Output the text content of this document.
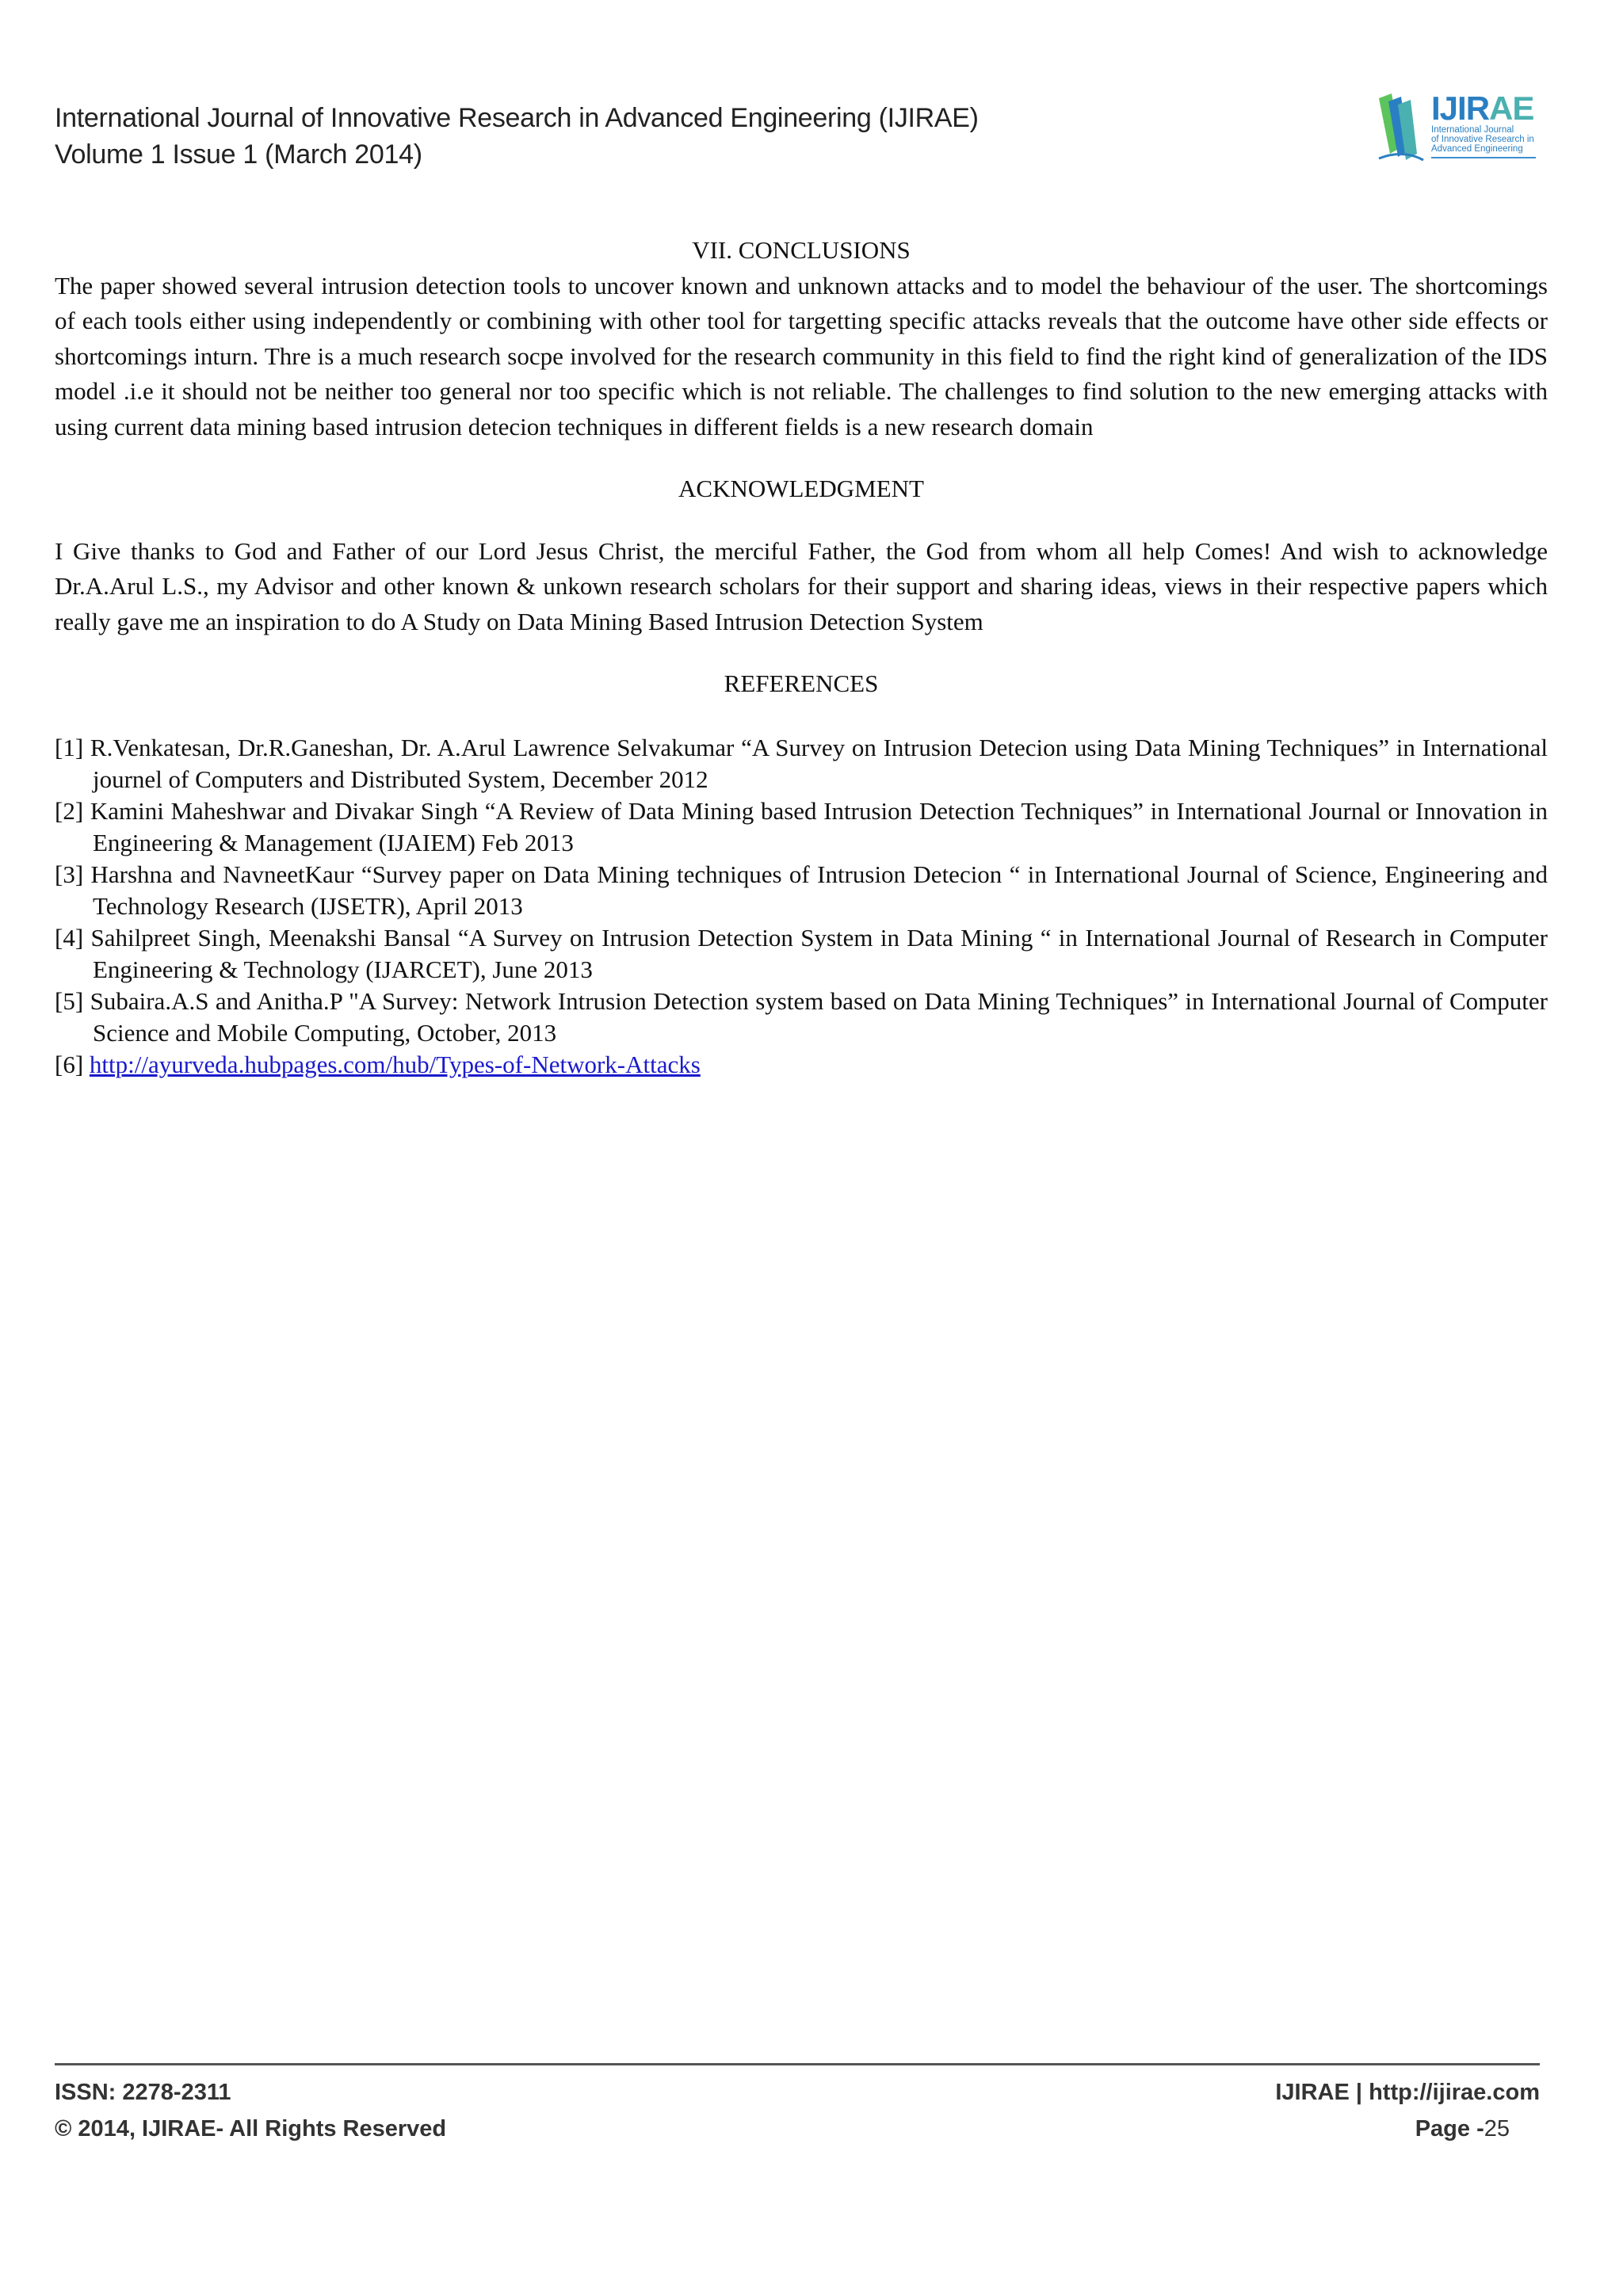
International Journal of Innovative Research in Advanced Engineering (IJIRAE)
Volume 1 Issue 1 (March 2014)
IJIRAE
International Journal
of Innovative Research in
Advanced Engineering
VII. CONCLUSIONS

The paper showed several intrusion detection tools to uncover known and unknown attacks and to model the behaviour of the user. The shortcomings of each tools either using independently or combining with other tool for targetting specific attacks reveals that the outcome have other side effects or shortcomings inturn. Thre is a much research socpe involved for the research community in this field to find the right kind of generalization of the IDS model .i.e it should not be neither too general nor too specific which is not reliable. The challenges to find solution to the new emerging attacks with using current data mining based intrusion detecion techniques in different fields is a new research domain

ACKNOWLEDGMENT

I Give thanks to God and Father of our Lord Jesus Christ, the merciful Father, the God from whom all help Comes! And wish to acknowledge Dr.A.Arul L.S., my Advisor and other known & unkown research scholars for their support and sharing ideas, views in their respective papers which really gave me an inspiration to do A Study on Data Mining Based Intrusion Detection System

REFERENCES
[1] R.Venkatesan, Dr.R.Ganeshan, Dr. A.Arul Lawrence Selvakumar “A Survey on Intrusion Detecion using Data Mining Techniques” in International journel of Computers and Distributed System, December 2012
[2] Kamini Maheshwar and Divakar Singh “A Review of Data Mining based Intrusion Detection Techniques” in International Journal or Innovation in Engineering & Management (IJAIEM) Feb 2013
[3] Harshna and NavneetKaur “Survey paper on Data Mining techniques of Intrusion Detecion “ in International Journal of Science, Engineering and Technology Research (IJSETR), April 2013
[4] Sahilpreet Singh, Meenakshi Bansal “A Survey on Intrusion Detection System in Data Mining “ in International Journal of Research in Computer Engineering & Technology (IJARCET), June 2013
[5] Subaira.A.S and Anitha.P "A Survey: Network Intrusion Detection system based on Data Mining Techniques” in International Journal of Computer Science and Mobile Computing, October, 2013
[6] http://ayurveda.hubpages.com/hub/Types-of-Network-Attacks
ISSN: 2278-2311
© 2014, IJIRAE- All Rights Reserved
IJIRAE | http://ijirae.com
Page -25
